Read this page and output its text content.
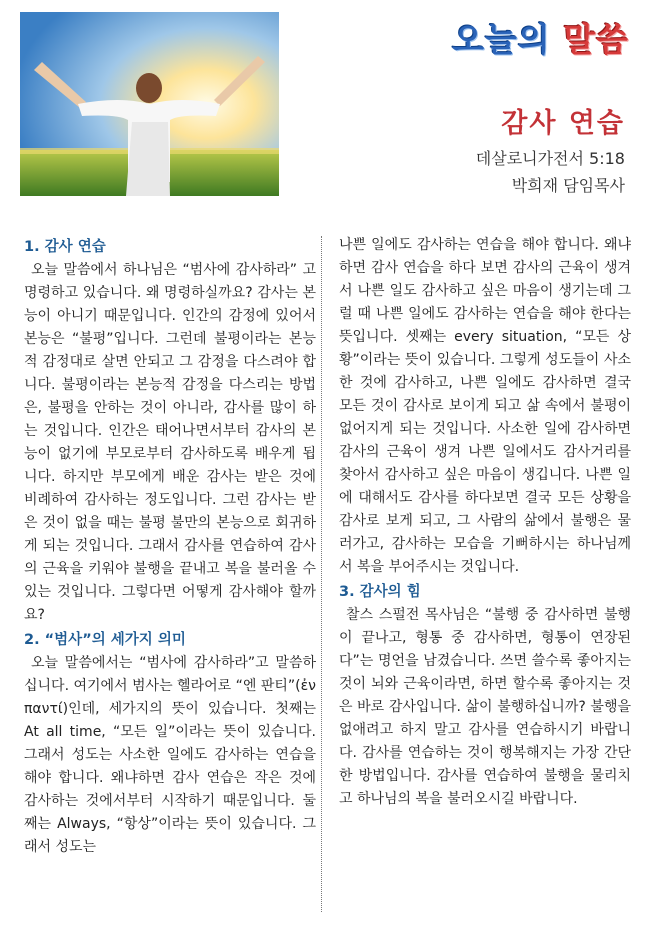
오늘의 말씀
감사 연습
데살로니가전서 5:18
박희재 담임목사
1. 감사 연습

오늘 말씀에서 하나님은 “범사에 감사하라” 고 명령하고 있습니다. 왜 명령하실까요? 감사는 본능이 아니기 때문입니다. 인간의 감정에 있어서 본능은 “불평”입니다. 그런데 불평이라는 본능적 감정대로 살면 안되고 그 감정을 다스려야 합니다. 불평이라는 본능적 감정을 다스리는 방법은, 불평을 안하는 것이 아니라, 감사를 많이 하는 것입니다. 인간은 태어나면서부터 감사의 본능이 없기에 부모로부터 감사하도록 배우게 됩니다. 하지만 부모에게 배운 감사는 받은 것에 비례하여 감사하는 정도입니다. 그런 감사는 받은 것이 없을 때는 불평 불만의 본능으로 회귀하게 되는 것입니다. 그래서 감사를 연습하여 감사의 근육을 키워야 불행을 끝내고 복을 불러올 수 있는 것입니다. 그렇다면 어떻게 감사해야 할까요?

2. “범사”의 세가지 의미

오늘 말씀에서는 “범사에 감사하라”고 말씀하십니다. 여기에서 범사는 헬라어로 “엔 판티”(ἐν παντί)인데, 세가지의 뜻이 있습니다. 첫째는 At all time, “모든 일”이라는 뜻이 있습니다. 그래서 성도는 사소한 일에도 감사하는 연습을 해야 합니다. 왜냐하면 감사 연습은 작은 것에 감사하는 것에서부터 시작하기 때문입니다. 둘째는 Always, “항상”이라는 뜻이 있습니다. 그래서 성도는

나쁜 일에도 감사하는 연습을 해야 합니다. 왜냐하면 감사 연습을 하다 보면 감사의 근육이 생겨서 나쁜 일도 감사하고 싶은 마음이 생기는데 그럴 때 나쁜 일에도 감사하는 연습을 해야 한다는 뜻입니다. 셋째는 every situation, “모든 상황”이라는 뜻이 있습니다. 그렇게 성도들이 사소한 것에 감사하고, 나쁜 일에도 감사하면 결국 모든 것이 감사로 보이게 되고 삶 속에서 불평이 없어지게 되는 것입니다. 사소한 일에 감사하면 감사의 근육이 생겨 나쁜 일에서도 감사거리를 찾아서 감사하고 싶은 마음이 생깁니다. 나쁜 일에 대해서도 감사를 하다보면 결국 모든 상황을 감사로 보게 되고, 그 사람의 삶에서 불행은 물러가고, 감사하는 모습을 기뻐하시는 하나님께서 복을 부어주시는 것입니다.

3. 감사의 힘

찰스 스펄전 목사님은 “불행 중 감사하면 불행이 끝나고, 형통 중 감사하면, 형통이 연장된다”는 명언을 남겼습니다. 쓰면 쓸수록 좋아지는 것이 뇌와 근육이라면, 하면 할수록 좋아지는 것은 바로 감사입니다. 삶이 불행하십니까? 불행을 없애려고 하지 말고 감사를 연습하시기 바랍니다. 감사를 연습하는 것이 행복해지는 가장 간단한 방법입니다. 감사를 연습하여 불행을 물리치고 하나님의 복을 불러오시길 바랍니다.
